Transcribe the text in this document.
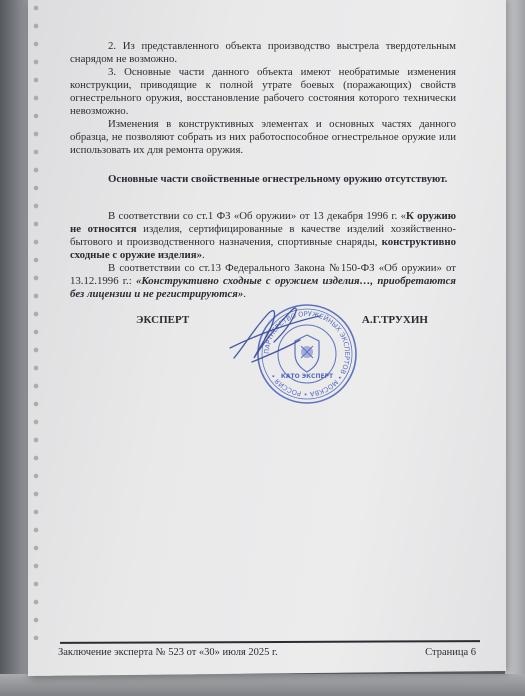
2. Из представленного объекта производство выстрела твердотельным снарядом не возможно.

3. Основные части данного объекта имеют необратимые изменения конструкции, приводящие к полной утрате боевых (поражающих) свойств огнестрельного оружия, восстановление рабочего состояния которого технически невозможно.

Изменения в конструктивных элементах и основных частях данного образца, не позволяют собрать из них работоспособное огнестрельное оружие или использовать их для ремонта оружия.

Основные части свойственные огнестрельному оружию отсутствуют.

В соответствии со ст.1 ФЗ «Об оружии» от 13 декабря 1996 г. «К оружию не относятся изделия, сертифицированные в качестве изделий хозяйственно-бытового и производственного назначения, спортивные снаряды, конструктивно сходные с оружие изделия».

В соответствии со ст.13 Федерального Закона №150-ФЗ «Об оружии» от 13.12.1996 г.: «Конструктивно сходные с оружием изделия…, приобретаются без лицензии и не регистрируются».

ЭКСПЕРТ	А.Г.ТРУХИН
ПАРТНЕРСТВО ОРУЖЕЙНЫХ ЭКСПЕРТОВ • МОСКВА • РОССИЯ • КАТО ЭКСПЕРТ
Заключение эксперта № 523 от «30» июля 2025 г.	Страница 6
